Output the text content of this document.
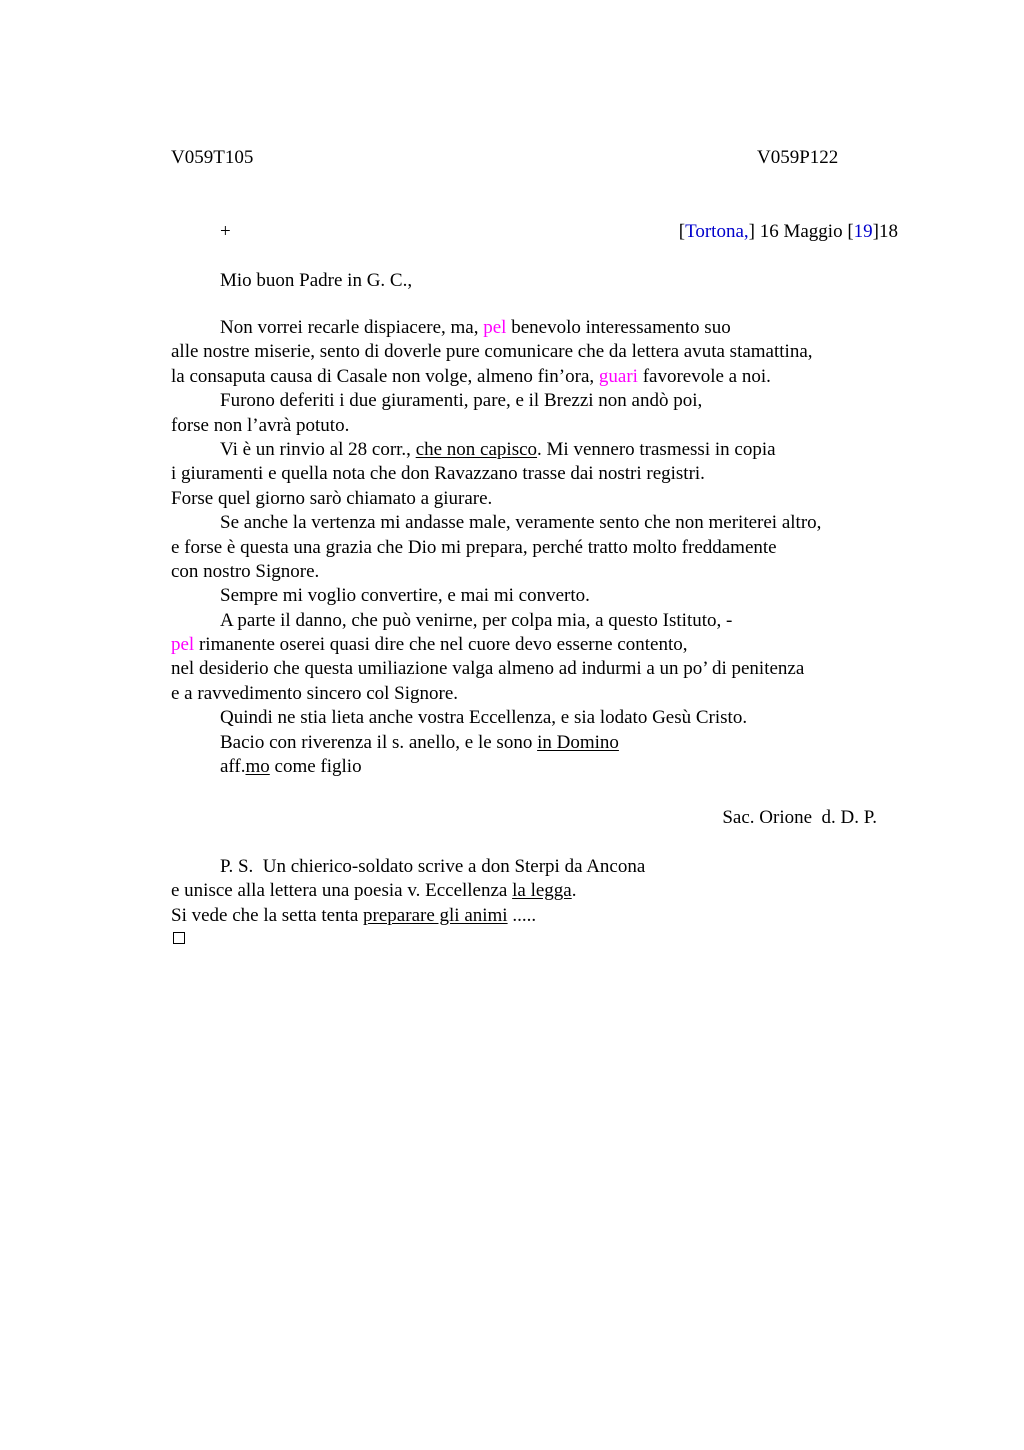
V059T105	V059P122
+	[Tortona,] 16 Maggio [19]18
Mio buon Padre in G. C.,
Non vorrei recarle dispiacere, ma, pel benevolo interessamento suo
alle nostre miserie, sento di doverle pure comunicare che da lettera avuta stamattina,
la consaputa causa di Casale non volge, almeno fin’ora, guari favorevole a noi.
Furono deferiti i due giuramenti, pare, e il Brezzi non andò poi,
forse non l’avrà potuto.
Vi è un rinvio al 28 corr., che non capisco. Mi vennero trasmessi in copia
i giuramenti e quella nota che don Ravazzano trasse dai nostri registri.
Forse quel giorno sarò chiamato a giurare.
Se anche la vertenza mi andasse male, veramente sento che non meriterei altro,
e forse è questa una grazia che Dio mi prepara, perché tratto molto freddamente
con nostro Signore.
Sempre mi voglio convertire, e mai mi converto.
A parte il danno, che può venirne, per colpa mia, a questo Istituto, -
pel rimanente oserei quasi dire che nel cuore devo esserne contento,
nel desiderio che questa umiliazione valga almeno ad indurmi a un po’ di penitenza
e a ravvedimento sincero col Signore.
Quindi ne stia lieta anche vostra Eccellenza, e sia lodato Gesù Cristo.
Bacio con riverenza il s. anello, e le sono in Domino
aff.mo come figlio
Sac. Orione  d. D. P.
P. S.  Un chierico-soldato scrive a don Sterpi da Ancona
e unisce alla lettera una poesia v. Eccellenza la legga.
Si vede che la setta tenta preparare gli animi .....
